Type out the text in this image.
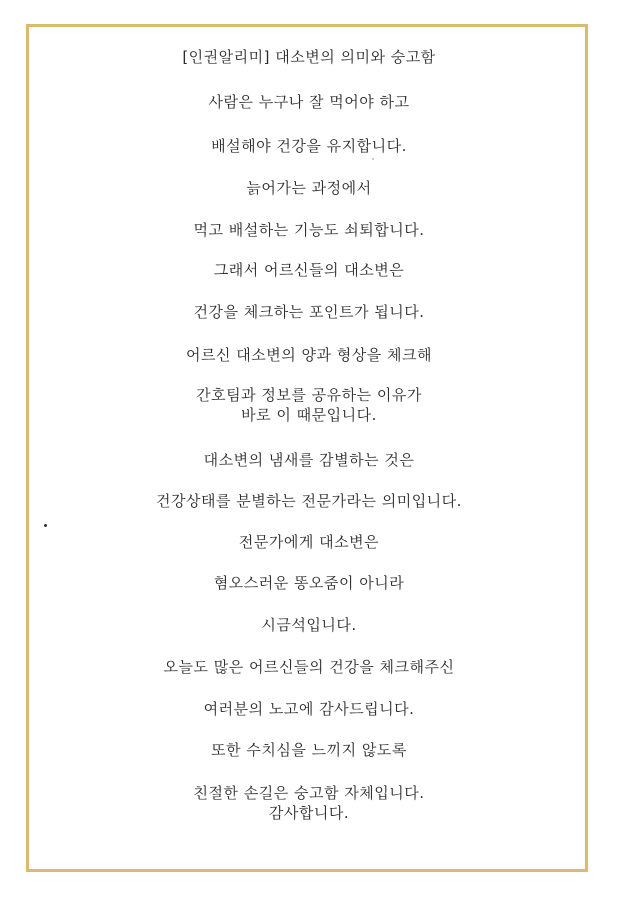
[인권알리미] 대소변의 의미와 숭고함
사람은 누구나 잘 먹어야 하고
배설해야 건강을 유지합니다.
늙어가는 과정에서
먹고 배설하는 기능도 쇠퇴합니다.
그래서 어르신들의 대소변은
건강을 체크하는 포인트가 됩니다.
어르신 대소변의 양과 형상을 체크해
간호팀과 정보를 공유하는 이유가
바로 이 때문입니다.
대소변의 냄새를 감별하는 것은
건강상태를 분별하는 전문가라는 의미입니다.
전문가에게 대소변은
혐오스러운 똥오줌이 아니라
시금석입니다.
오늘도 많은 어르신들의 건강을 체크해주신
여러분의 노고에 감사드립니다.
또한 수치심을 느끼지 않도록
친절한 손길은 숭고함 자체입니다.
감사합니다.
